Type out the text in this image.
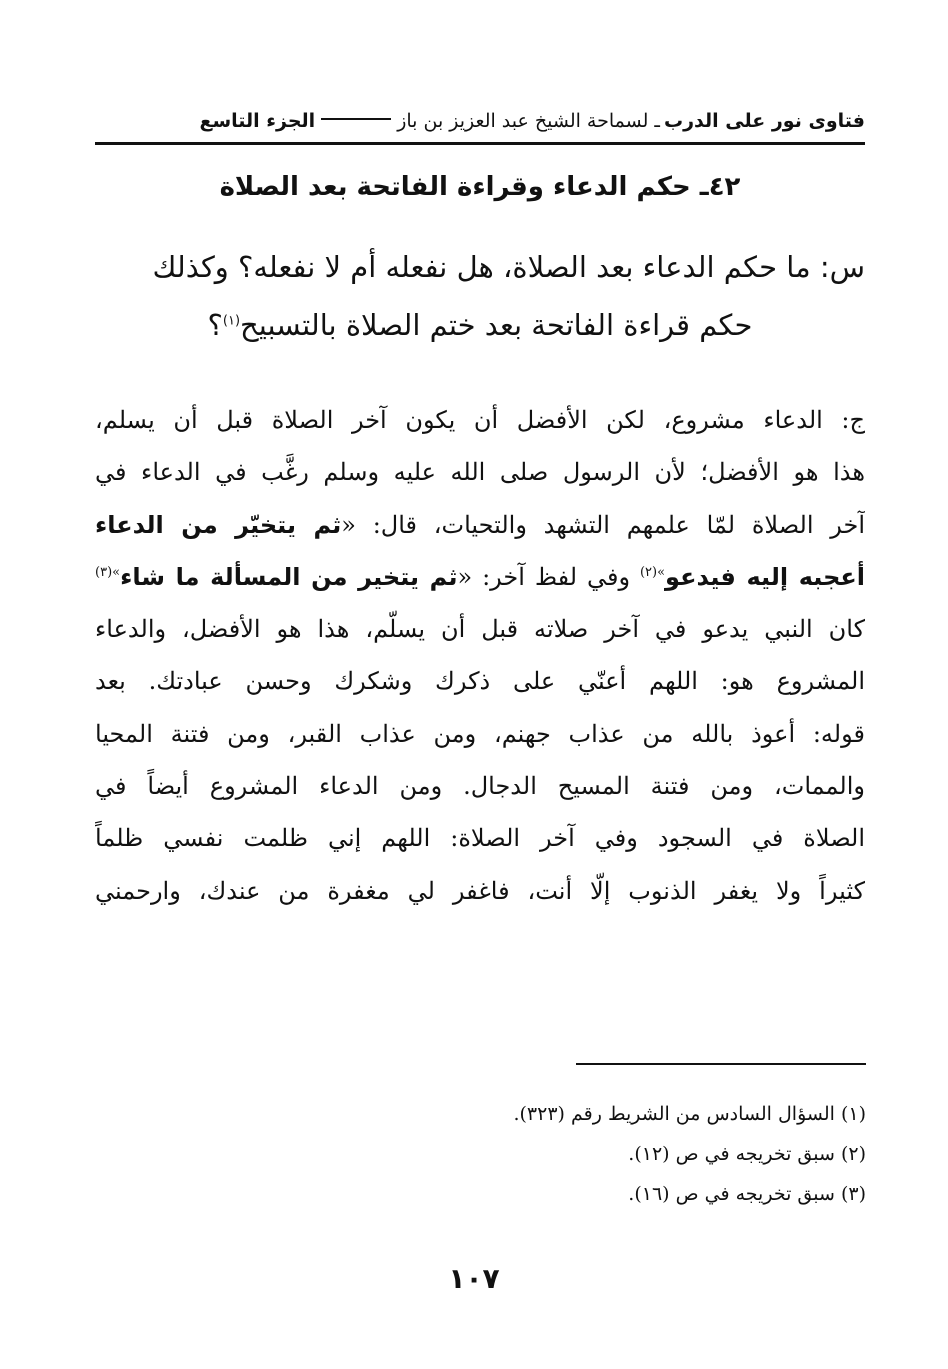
فتاوى نور على الدرب
ـ لسماحة الشيخ عبد العزيز بن باز
الجزء التاسع
٤٢ـ حكم الدعاء وقراءة الفاتحة بعد الصلاة
س: ما حكم الدعاء بعد الصلاة، هل نفعله أم لا نفعله؟ وكذلك
حكم قراءة الفاتحة بعد ختم الصلاة بالتسبيح$^{(١)}$؟
ج: الدعاء مشروع، لكن الأفضل أن يكون آخر الصلاة قبل أن يسلم،
هذا هو الأفضل؛ لأن الرسول صلى الله عليه وسلم رغَّب في الدعاء في
آخر الصلاة لمّا علمهم التشهد والتحيات، قال: «ثم يتخيّر من الدعاء
أعجبه إليه فيدعو$^{»(٢)}$ وفي لفظ آخر: «ثم يتخير من المسألة ما شاء$^{»(٣)}$
كان النبي يدعو في آخر صلاته قبل أن يسلّم، هذا هو الأفضل، والدعاء
المشروع هو: اللهم أعنّي على ذكرك وشكرك وحسن عبادتك. بعد
قوله: أعوذ بالله من عذاب جهنم، ومن عذاب القبر، ومن فتنة المحيا
والممات، ومن فتنة المسيح الدجال. ومن الدعاء المشروع أيضاً في
الصلاة في السجود وفي آخر الصلاة: اللهم إني ظلمت نفسي ظلماً
كثيراً ولا يغفر الذنوب إلّا أنت، فاغفر لي مغفرة من عندك، وارحمني
(١) السؤال السادس من الشريط رقم (٣٢٣).
(٢) سبق تخريجه في ص (١٢).
(٣) سبق تخريجه في ص (١٦).
١٠٧
